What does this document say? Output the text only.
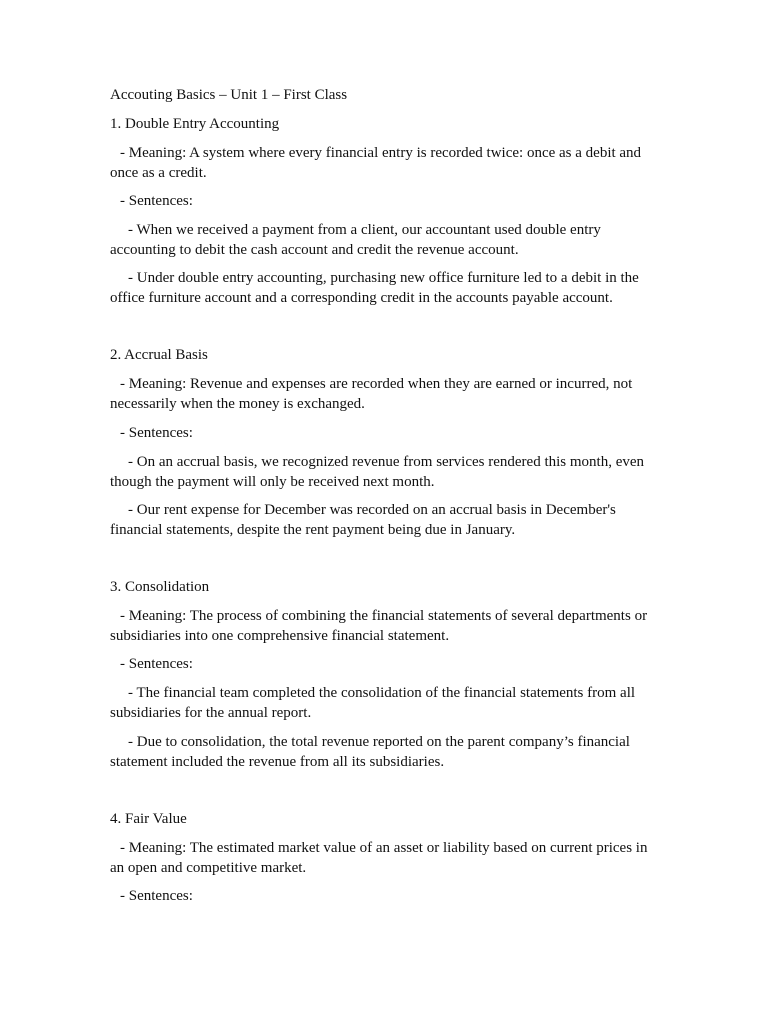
Accouting Basics – Unit 1 – First Class
1. Double Entry Accounting
- Meaning: A system where every financial entry is recorded twice: once as a debit and once as a credit.
- Sentences:
- When we received a payment from a client, our accountant used double entry accounting to debit the cash account and credit the revenue account.
- Under double entry accounting, purchasing new office furniture led to a debit in the office furniture account and a corresponding credit in the accounts payable account.
2. Accrual Basis
- Meaning: Revenue and expenses are recorded when they are earned or incurred, not necessarily when the money is exchanged.
- Sentences:
- On an accrual basis, we recognized revenue from services rendered this month, even though the payment will only be received next month.
- Our rent expense for December was recorded on an accrual basis in December's financial statements, despite the rent payment being due in January.
3. Consolidation
- Meaning: The process of combining the financial statements of several departments or subsidiaries into one comprehensive financial statement.
- Sentences:
- The financial team completed the consolidation of the financial statements from all subsidiaries for the annual report.
- Due to consolidation, the total revenue reported on the parent company’s financial statement included the revenue from all its subsidiaries.
4. Fair Value
- Meaning: The estimated market value of an asset or liability based on current prices in an open and competitive market.
- Sentences:
